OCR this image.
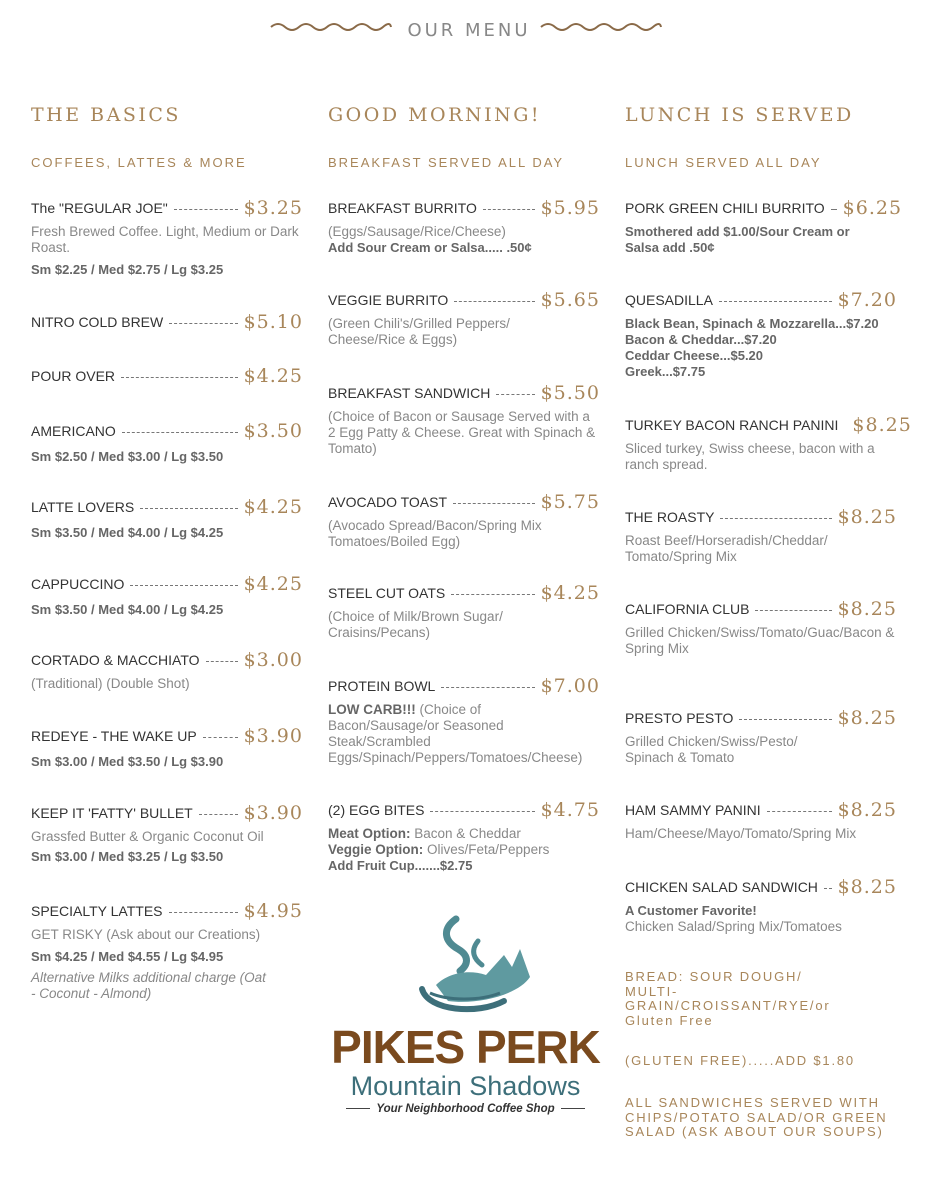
OUR MENU
THE BASICS
COFFEES, LATTES & MORE
The "REGULAR JOE"	$3.25
Fresh Brewed Coffee. Light, Medium or Dark Roast.
Sm $2.25 / Med $2.75 / Lg $3.25
NITRO COLD BREW	$5.10
POUR OVER	$4.25
AMERICANO	$3.50
Sm $2.50 / Med $3.00 / Lg $3.50
LATTE LOVERS	$4.25
Sm $3.50 / Med $4.00 / Lg $4.25
CAPPUCCINO	$4.25
Sm $3.50 / Med $4.00 / Lg $4.25
CORTADO & MACCHIATO $3.00
(Traditional) (Double Shot)
REDEYE - THE WAKE UP $3.90
Sm $3.00 / Med $3.50 / Lg $3.90
KEEP IT 'FATTY' BULLET	$3.90
Grassfed Butter & Organic Coconut Oil
Sm $3.00 / Med $3.25 / Lg $3.50
SPECIALTY LATTES	$4.95
GET RISKY (Ask about our Creations)
Sm $4.25 / Med $4.55 / Lg $4.95
Alternative Milks additional charge (Oat - Coconut - Almond)
GOOD MORNING!
BREAKFAST SERVED ALL DAY
BREAKFAST BURRITO	$5.95
(Eggs/Sausage/Rice/Cheese)
Add Sour Cream or Salsa..... .50¢
VEGGIE BURRITO	$5.65
(Green Chili's/Grilled Peppers/ Cheese/Rice & Eggs)
BREAKFAST SANDWICH	$5.50
(Choice of Bacon or Sausage Served with a 2 Egg Patty & Cheese. Great with Spinach & Tomato)
AVOCADO TOAST	$5.75
(Avocado Spread/Bacon/Spring Mix Tomatoes/Boiled Egg)
STEEL CUT OATS	$4.25
(Choice of Milk/Brown Sugar/ Craisins/Pecans)
PROTEIN BOWL	$7.00
LOW CARB!!! (Choice of Bacon/Sausage/or Seasoned Steak/Scrambled Eggs/Spinach/Peppers/Tomatoes/Cheese)
(2) EGG BITES	$4.75
Meat Option: Bacon & Cheddar
Veggie Option: Olives/Feta/Peppers
Add Fruit Cup.......$2.75
PIKES PERK
Mountain Shadows
Your Neighborhood Coffee Shop
LUNCH IS SERVED
LUNCH SERVED ALL DAY
PORK GREEN CHILI BURRITO $6.25
Smothered add $1.00/Sour Cream or Salsa add .50¢
QUESADILLA	$7.20
Black Bean, Spinach & Mozzarella...$7.20
Bacon & Cheddar...$7.20
Ceddar Cheese...$5.20
Greek...$7.75
TURKEY BACON RANCH PANINI $8.25
Sliced turkey, Swiss cheese, bacon with a ranch spread.
THE ROASTY	$8.25
Roast Beef/Horseradish/Cheddar/ Tomato/Spring Mix
CALIFORNIA CLUB	$8.25
Grilled Chicken/Swiss/Tomato/Guac/Bacon & Spring Mix
PRESTO PESTO	$8.25
Grilled Chicken/Swiss/Pesto/ Spinach & Tomato
HAM SAMMY PANINI	$8.25
Ham/Cheese/Mayo/Tomato/Spring Mix
CHICKEN SALAD SANDWICH $8.25
A Customer Favorite!
Chicken Salad/Spring Mix/Tomatoes
BREAD: SOUR DOUGH/ MULTI-GRAIN/CROISSANT/RYE/or Gluten Free
(GLUTEN FREE).....ADD $1.80
ALL SANDWICHES SERVED WITH CHIPS/POTATO SALAD/OR GREEN SALAD (ASK ABOUT OUR SOUPS)
